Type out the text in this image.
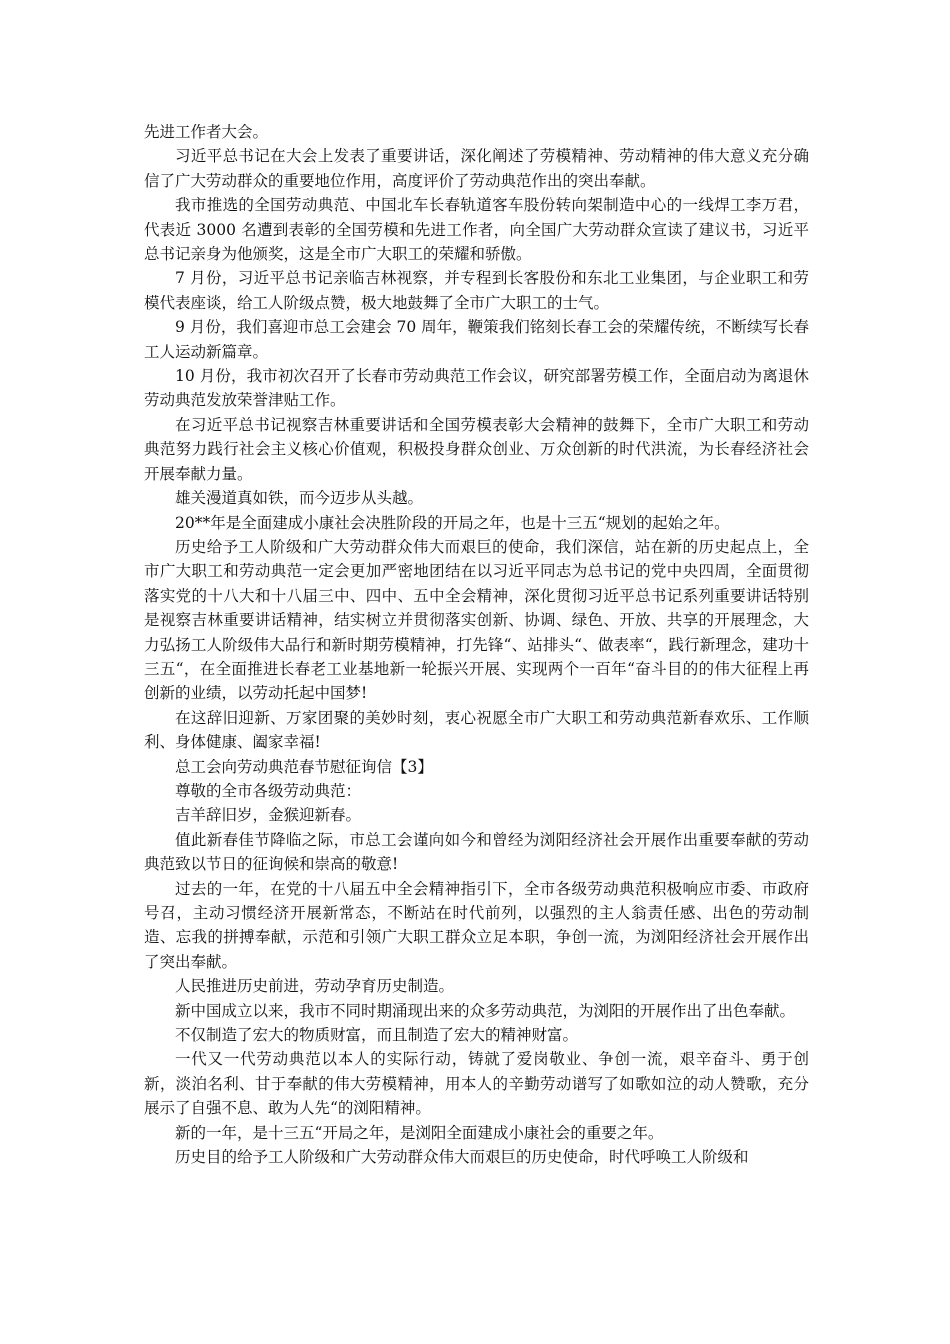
先进工作者大会。

习近平总书记在大会上发表了重要讲话，深化阐述了劳模精神、劳动精神的伟大意义充分确信了广大劳动群众的重要地位作用，高度评价了劳动典范作出的突出奉献。

我市推选的全国劳动典范、中国北车长春轨道客车股份转向架制造中心的一线焊工李万君，代表近 3000 名遭到表彰的全国劳模和先进工作者，向全国广大劳动群众宣读了建议书，习近平总书记亲身为他颁奖，这是全市广大职工的荣耀和骄傲。

7 月份，习近平总书记亲临吉林视察，并专程到长客股份和东北工业集团，与企业职工和劳模代表座谈，给工人阶级点赞，极大地鼓舞了全市广大职工的士气。

9 月份，我们喜迎市总工会建会 70 周年，鞭策我们铭刻长春工会的荣耀传统，不断续写长春工人运动新篇章。

10 月份，我市初次召开了长春市劳动典范工作会议，研究部署劳模工作，全面启动为离退休劳动典范发放荣誉津贴工作。

在习近平总书记视察吉林重要讲话和全国劳模表彰大会精神的鼓舞下，全市广大职工和劳动典范努力践行社会主义核心价值观，积极投身群众创业、万众创新的时代洪流，为长春经济社会开展奉献力量。

雄关漫道真如铁，而今迈步从头越。

20**年是全面建成小康社会决胜阶段的开局之年，也是十三五“规划的起始之年。

历史给予工人阶级和广大劳动群众伟大而艰巨的使命，我们深信，站在新的历史起点上，全市广大职工和劳动典范一定会更加严密地团结在以习近平同志为总书记的党中央四周，全面贯彻落实党的十八大和十八届三中、四中、五中全会精神，深化贯彻习近平总书记系列重要讲话特别是视察吉林重要讲话精神，结实树立并贯彻落实创新、协调、绿色、开放、共享的开展理念，大力弘扬工人阶级伟大品行和新时期劳模精神，打先锋“、站排头“、做表率“，践行新理念，建功十三五“，在全面推进长春老工业基地新一轮振兴开展、实现两个一百年“奋斗目的的伟大征程上再创新的业绩，以劳动托起中国梦!

在这辞旧迎新、万家团聚的美妙时刻，衷心祝愿全市广大职工和劳动典范新春欢乐、工作顺利、身体健康、阖家幸福!

总工会向劳动典范春节慰征询信【3】

尊敬的全市各级劳动典范：

吉羊辞旧岁，金猴迎新春。

值此新春佳节降临之际，市总工会谨向如今和曾经为浏阳经济社会开展作出重要奉献的劳动典范致以节日的征询候和崇高的敬意!

过去的一年，在党的十八届五中全会精神指引下，全市各级劳动典范积极响应市委、市政府号召，主动习惯经济开展新常态，不断站在时代前列，以强烈的主人翁责任感、出色的劳动制造、忘我的拼搏奉献，示范和引领广大职工群众立足本职，争创一流，为浏阳经济社会开展作出了突出奉献。

人民推进历史前进，劳动孕育历史制造。

新中国成立以来，我市不同时期涌现出来的众多劳动典范，为浏阳的开展作出了出色奉献。

不仅制造了宏大的物质财富，而且制造了宏大的精神财富。

一代又一代劳动典范以本人的实际行动，铸就了爱岗敬业、争创一流，艰辛奋斗、勇于创新，淡泊名利、甘于奉献的伟大劳模精神，用本人的辛勤劳动谱写了如歌如泣的动人赞歌，充分展示了自强不息、敢为人先“的浏阳精神。

新的一年，是十三五“开局之年，是浏阳全面建成小康社会的重要之年。

历史目的给予工人阶级和广大劳动群众伟大而艰巨的历史使命，时代呼唤工人阶级和
